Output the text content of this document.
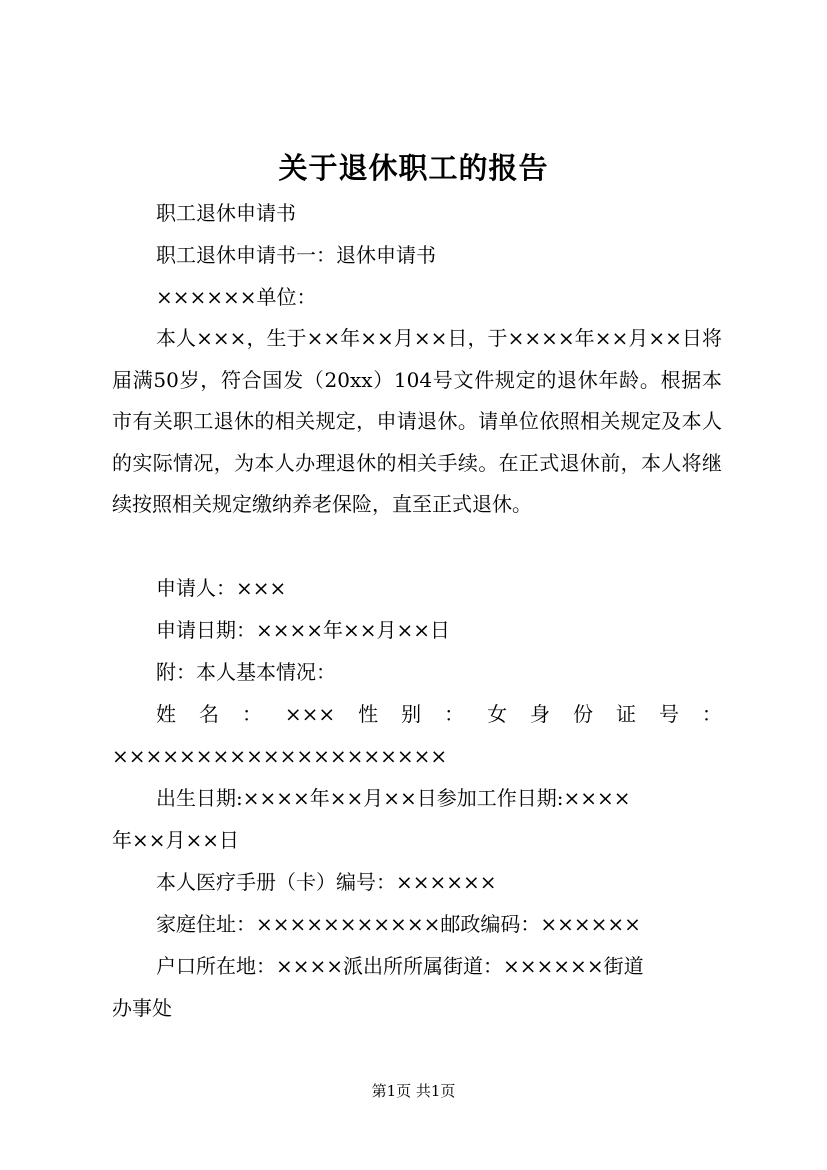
关于退休职工的报告
职工退休申请书
职工退休申请书一：退休申请书
××××××单位：

本人×××，生于××年××月××日，于××××年××月××日将届满50岁，符合国发（20xx）104号文件规定的退休年龄。根据本市有关职工退休的相关规定，申请退休。请单位依照相关规定及本人的实际情况，为本人办理退休的相关手续。在正式退休前，本人将继续按照相关规定缴纳养老保险，直至正式退休。

申请人：×××
申请日期：××××年××月××日
附：本人基本情况：
姓 名 ： ××× 性 别 ： 女 身 份 证 号 ：
××××××××××××××××××××
出生日期:××××年××月××日参加工作日期:××××
年××月××日
本人医疗手册（卡）编号：××××××
家庭住址：×××××××××××邮政编码：××××××
户口所在地：××××派出所所属街道：××××××街道
办事处
第1页 共1页
